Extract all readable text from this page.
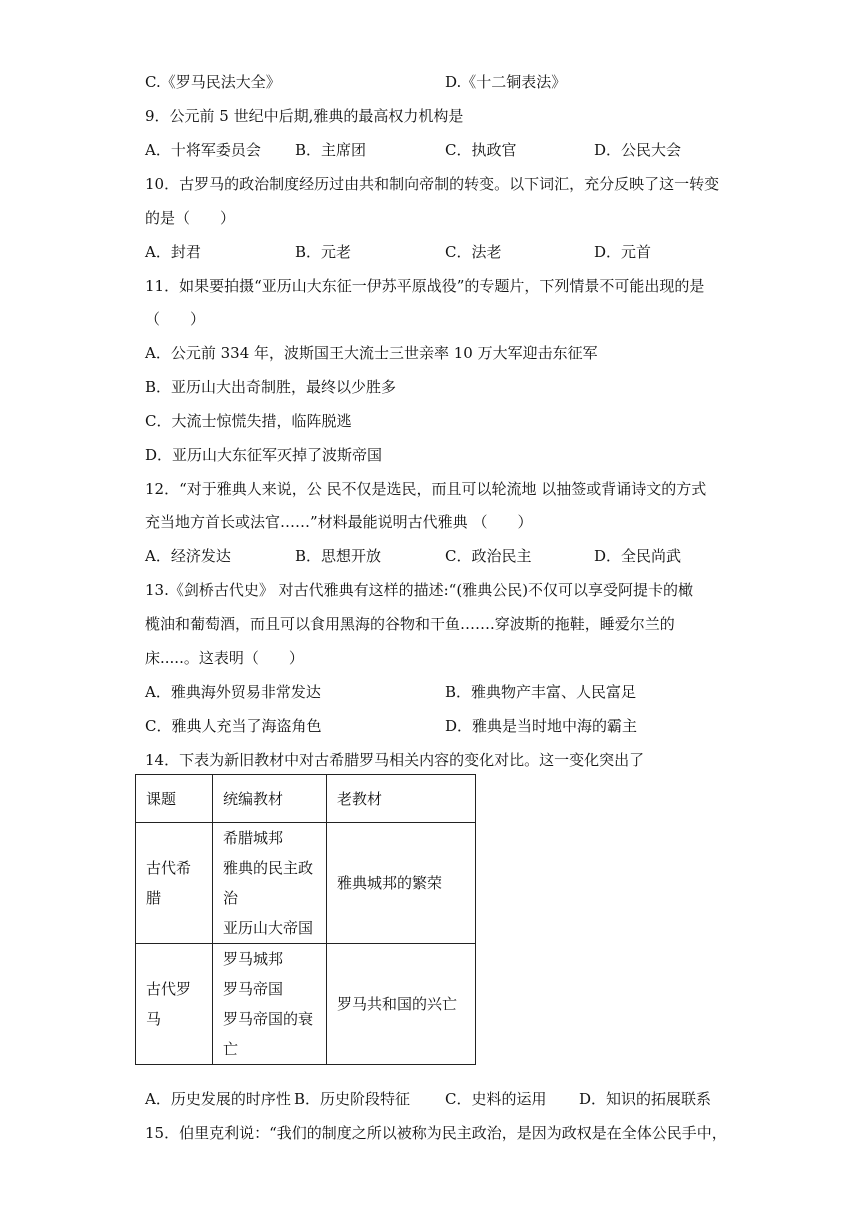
C.《罗马民法大全》	D.《十二铜表法》
9．公元前 5 世纪中后期,雅典的最高权力机构是
A．十将军委员会 B．主席团	C．执政官	D．公民大会
10．古罗马的政治制度经历过由共和制向帝制的转变。以下词汇，充分反映了这一转变
的是（　　）
A．封君	B．元老	C．法老	D．元首
11．如果要拍摄“亚历山大东征一伊苏平原战役”的专题片，下列情景不可能出现的是
（　　）
A．公元前 334 年，波斯国王大流士三世亲率 10 万大军迎击东征军
B．亚历山大出奇制胜，最终以少胜多
C．大流士惊慌失措，临阵脱逃
D．亚历山大东征军灭掉了波斯帝国
12．“对于雅典人来说，公 民不仅是选民，而且可以轮流地 以抽签或背诵诗文的方式
充当地方首长或法官……”材料最能说明古代雅典 （　　）
A．经济发达	B．思想开放	C．政治民主	D．全民尚武
13.《剑桥古代史》 对古代雅典有这样的描述:“(雅典公民)不仅可以享受阿提卡的橄
榄油和葡萄酒，而且可以食用黑海的谷物和干鱼…….穿波斯的拖鞋，睡爱尔兰的
床.....。这表明（　　）
A．雅典海外贸易非常发达	B．雅典物产丰富、人民富足
C．雅典人充当了海盗角色	D．雅典是当时地中海的霸主
14．下表为新旧教材中对古希腊罗马相关内容的变化对比。这一变化突出了
课题	统编教材	老教材
古代希腊	希腊城邦
雅典的民主政治
亚历山大帝国	雅典城邦的繁荣
古代罗马	罗马城邦
罗马帝国
罗马帝国的衰亡	罗马共和国的兴亡
A．历史发展的时序性 B．历史阶段特征 C．史料的运用 D．知识的拓展联系
15．伯里克利说：“我们的制度之所以被称为民主政治，是因为政权是在全体公民手中，
